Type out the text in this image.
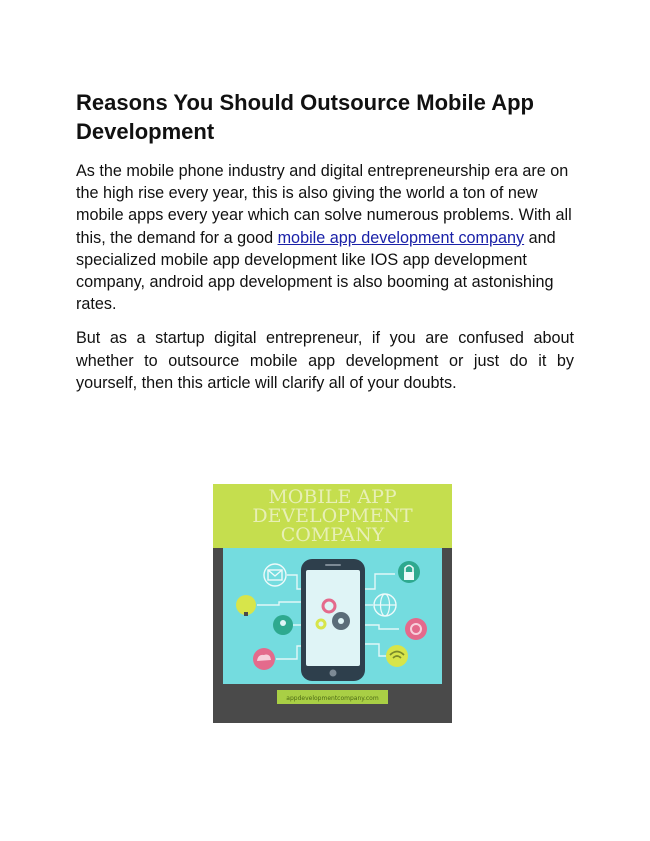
Reasons You Should Outsource Mobile App Development

As the mobile phone industry and digital entrepreneurship era are on the high rise every year, this is also giving the world a ton of new mobile apps every year which can solve numerous problems. With all this, the demand for a good mobile app development company and specialized mobile app development like IOS app development company, android app development is also booming at astonishing rates.

But as a startup digital entrepreneur, if you are confused about whether to outsource mobile app development or just do it by yourself, then this article will clarify all of your doubts.

MOBILE APP
DEVELOPMENT
COMPANY
appdevelopmentcompany.com
